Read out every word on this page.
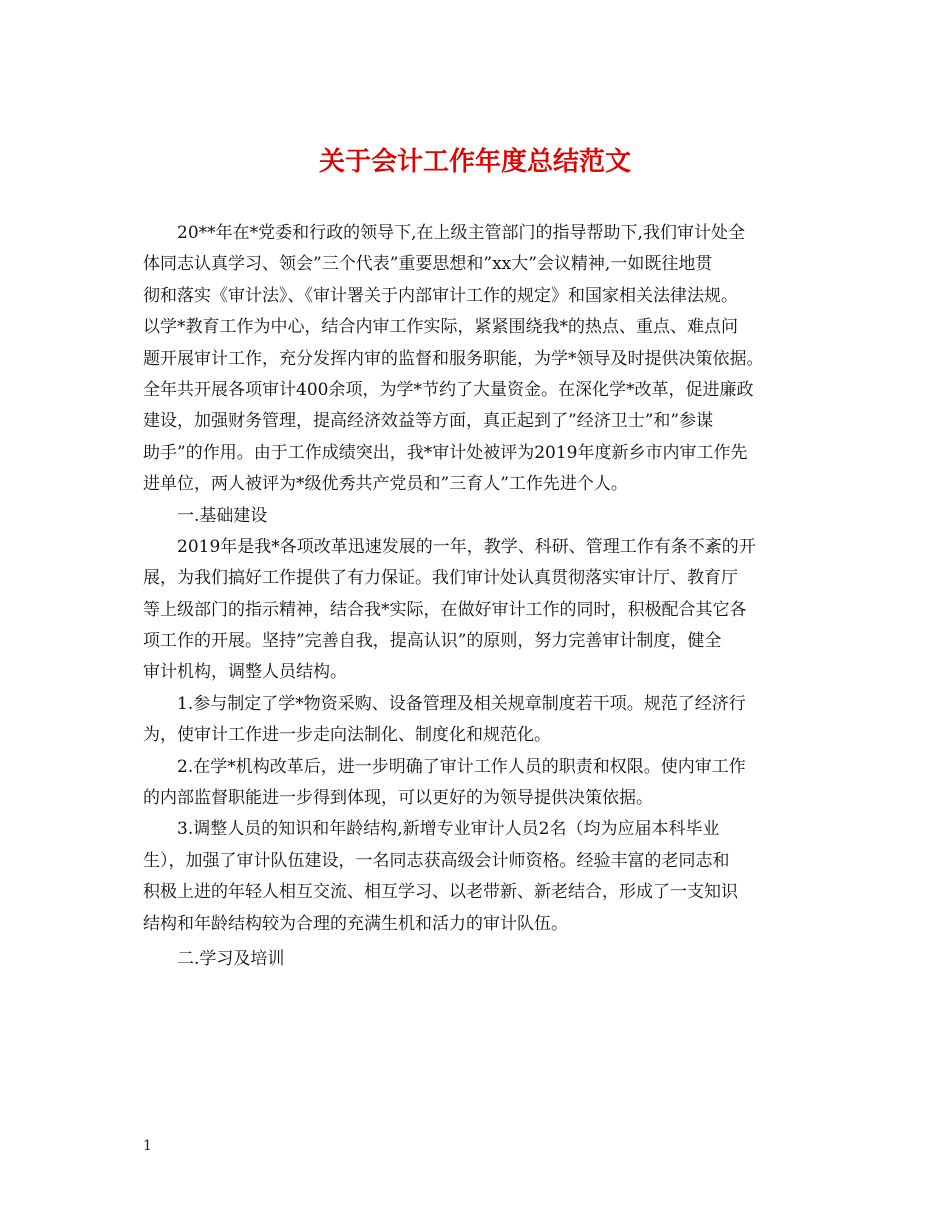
关于会计工作年度总结范文
20**年在*党委和行政的领导下,在上级主管部门的指导帮助下,我们审计处全
体同志认真学习、领会”三个代表”重要思想和”xx大”会议精神,一如既往地贯
彻和落实《审计法》、《审计署关于内部审计工作的规定》和国家相关法律法规。
以学*教育工作为中心，结合内审工作实际，紧紧围绕我*的热点、重点、难点问
题开展审计工作，充分发挥内审的监督和服务职能，为学*领导及时提供决策依据。
全年共开展各项审计400余项，为学*节约了大量资金。在深化学*改革，促进廉政
建设，加强财务管理，提高经济效益等方面，真正起到了”经济卫士”和”参谋
助手”的作用。由于工作成绩突出，我*审计处被评为2019年度新乡市内审工作先
进单位，两人被评为*级优秀共产党员和”三育人”工作先进个人。
一.基础建设
2019年是我*各项改革迅速发展的一年，教学、科研、管理工作有条不紊的开
展，为我们搞好工作提供了有力保证。我们审计处认真贯彻落实审计厅、教育厅
等上级部门的指示精神，结合我*实际，在做好审计工作的同时，积极配合其它各
项工作的开展。坚持”完善自我，提高认识”的原则，努力完善审计制度，健全
审计机构，调整人员结构。
1.参与制定了学*物资采购、设备管理及相关规章制度若干项。规范了经济行
为，使审计工作进一步走向法制化、制度化和规范化。
2.在学*机构改革后，进一步明确了审计工作人员的职责和权限。使内审工作
的内部监督职能进一步得到体现，可以更好的为领导提供决策依据。
3.调整人员的知识和年龄结构,新增专业审计人员2名（均为应届本科毕业
生），加强了审计队伍建设，一名同志获高级会计师资格。经验丰富的老同志和
积极上进的年轻人相互交流、相互学习、以老带新、新老结合，形成了一支知识
结构和年龄结构较为合理的充满生机和活力的审计队伍。
二.学习及培训
1
